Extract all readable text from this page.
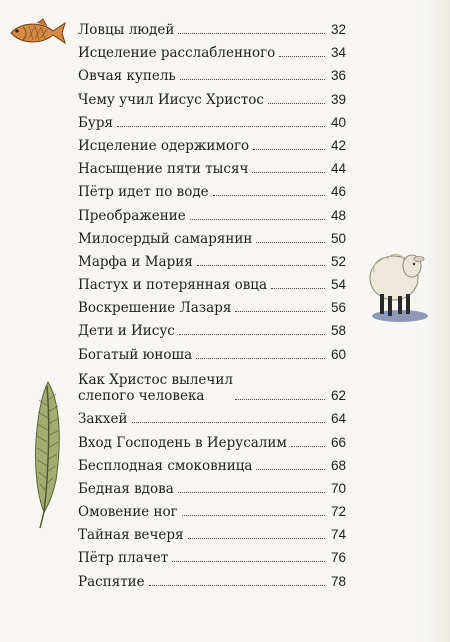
Ловцы людей	32
Исцеление расслабленного	34
Овчая купель	36
Чему учил Иисус Христос	39
Буря	40
Исцеление одержимого	42
Насыщение пяти тысяч	44
Пётр идет по воде	46
Преображение	48
Милосердый самарянин	50
Марфа и Мария	52
Пастух и потерянная овца	54
Воскрешение Лазаря	56
Дети и Иисус	58
Богатый юноша	60
Как Христос вылечил
слепого человека	62
Закхей	64
Вход Господень в Иерусалим	66
Бесплодная смоковница	68
Бедная вдова	70
Омовение ног	72
Тайная вечеря	74
Пётр плачет	76
Распятие	78
